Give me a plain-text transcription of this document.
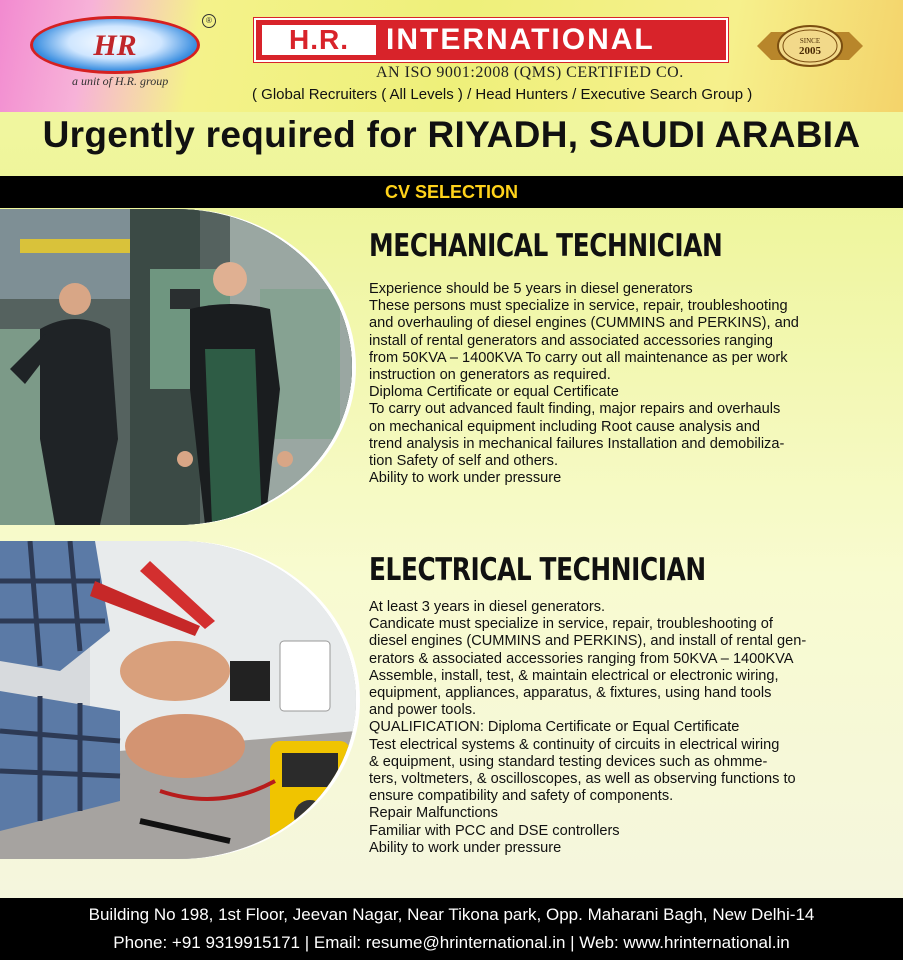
HR
®
a unit of H.R. group
H.R.	INTERNATIONAL	SINCE
2005
AN ISO 9001:2008 (QMS) CERTIFIED CO.
( Global Recruiters ( All Levels ) / Head Hunters / Executive Search Group )
Urgently required for RIYADH, SAUDI ARABIA
CV SELECTION
MECHANICAL TECHNICIAN
Experience should be 5 years in diesel generators
These persons must specialize in service, repair, troubleshooting
and overhauling of diesel engines (CUMMINS and PERKINS), and
install of rental generators and associated accessories ranging
from 50KVA – 1400KVA To carry out all maintenance as per work
instruction on generators as required.
Diploma Certificate or equal Certificate
To carry out advanced fault finding, major repairs and overhauls
on mechanical equipment including Root cause analysis and
trend analysis in mechanical failures Installation and demobiliza-
tion Safety of self and others.
Ability to work under pressure
ELECTRICAL TECHNICIAN
At least 3 years in diesel generators.
Candicate must specialize in service, repair, troubleshooting of
diesel engines (CUMMINS and PERKINS), and install of rental gen-
erators & associated accessories ranging from 50KVA – 1400KVA
Assemble, install, test, & maintain electrical or electronic wiring,
equipment, appliances, apparatus, & fixtures, using hand tools
and power tools.
QUALIFICATION: Diploma Certificate or Equal Certificate
Test electrical systems & continuity of circuits in electrical wiring
& equipment, using standard testing devices such as ohmme-
ters, voltmeters, & oscilloscopes, as well as observing functions to
ensure compatibility and safety of components.
Repair Malfunctions
Familiar with PCC and DSE controllers
Ability to work under pressure
Building No 198, 1st Floor, Jeevan Nagar, Near Tikona park, Opp. Maharani Bagh, New Delhi-14
Phone: +91 9319915171 | Email: resume@hrinternational.in | Web: www.hrinternational.in
